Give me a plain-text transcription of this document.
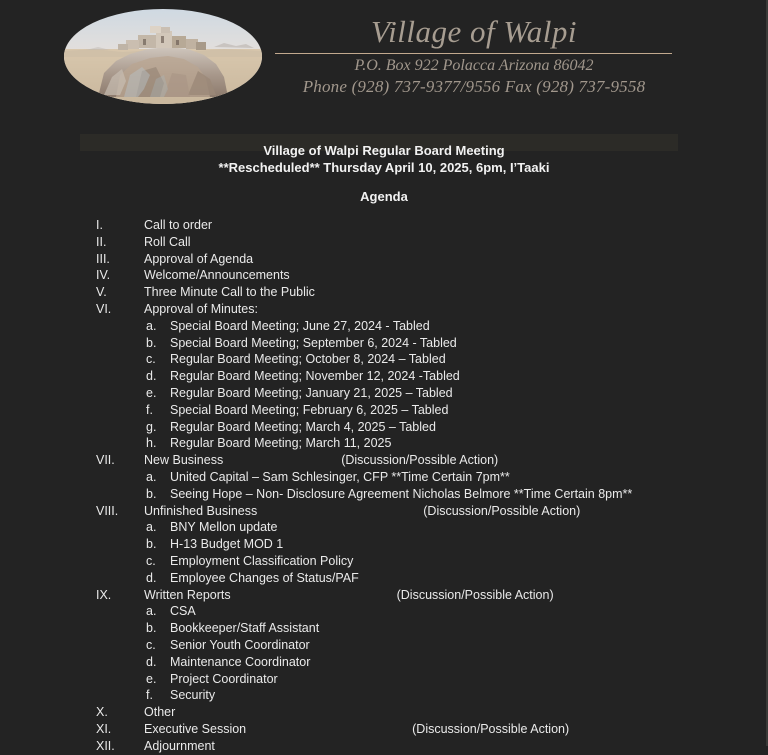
Village of Walpi
P.O. Box 922 Polacca Arizona 86042
Phone (928) 737-9377/9556 Fax (928) 737-9558
Village of Walpi Regular Board Meeting
**Rescheduled** Thursday April 10, 2025, 6pm, I’Taaki
Agenda
I.	Call to order
II.	Roll Call
III.	Approval of Agenda
IV.	Welcome/Announcements
V.	Three Minute Call to the Public
VI.	Approval of Minutes:
a.	Special Board Meeting; June 27, 2024 - Tabled
b.	Special Board Meeting; September 6, 2024 - Tabled
c.	Regular Board Meeting; October 8, 2024 – Tabled
d.	Regular Board Meeting; November 12, 2024 -Tabled
e.	Regular Board Meeting; January 21, 2025 – Tabled
f.	Special Board Meeting; February 6, 2025 – Tabled
g.	Regular Board Meeting; March 4, 2025 – Tabled
h.	Regular Board Meeting; March 11, 2025
VII.	New Business	(Discussion/Possible Action)
a.	United Capital – Sam Schlesinger, CFP **Time Certain 7pm**
b.	Seeing Hope – Non- Disclosure Agreement Nicholas Belmore **Time Certain 8pm**
VIII.	Unfinished Business	(Discussion/Possible Action)
a.	BNY Mellon update
b.	H-13 Budget MOD 1
c.	Employment Classification Policy
d.	Employee Changes of Status/PAF
IX.	Written Reports	(Discussion/Possible Action)
a.	CSA
b.	Bookkeeper/Staff Assistant
c.	Senior Youth Coordinator
d.	Maintenance Coordinator
e.	Project Coordinator
f.	Security
X.	Other
XI.	Executive Session	(Discussion/Possible Action)
XII.	Adjournment
